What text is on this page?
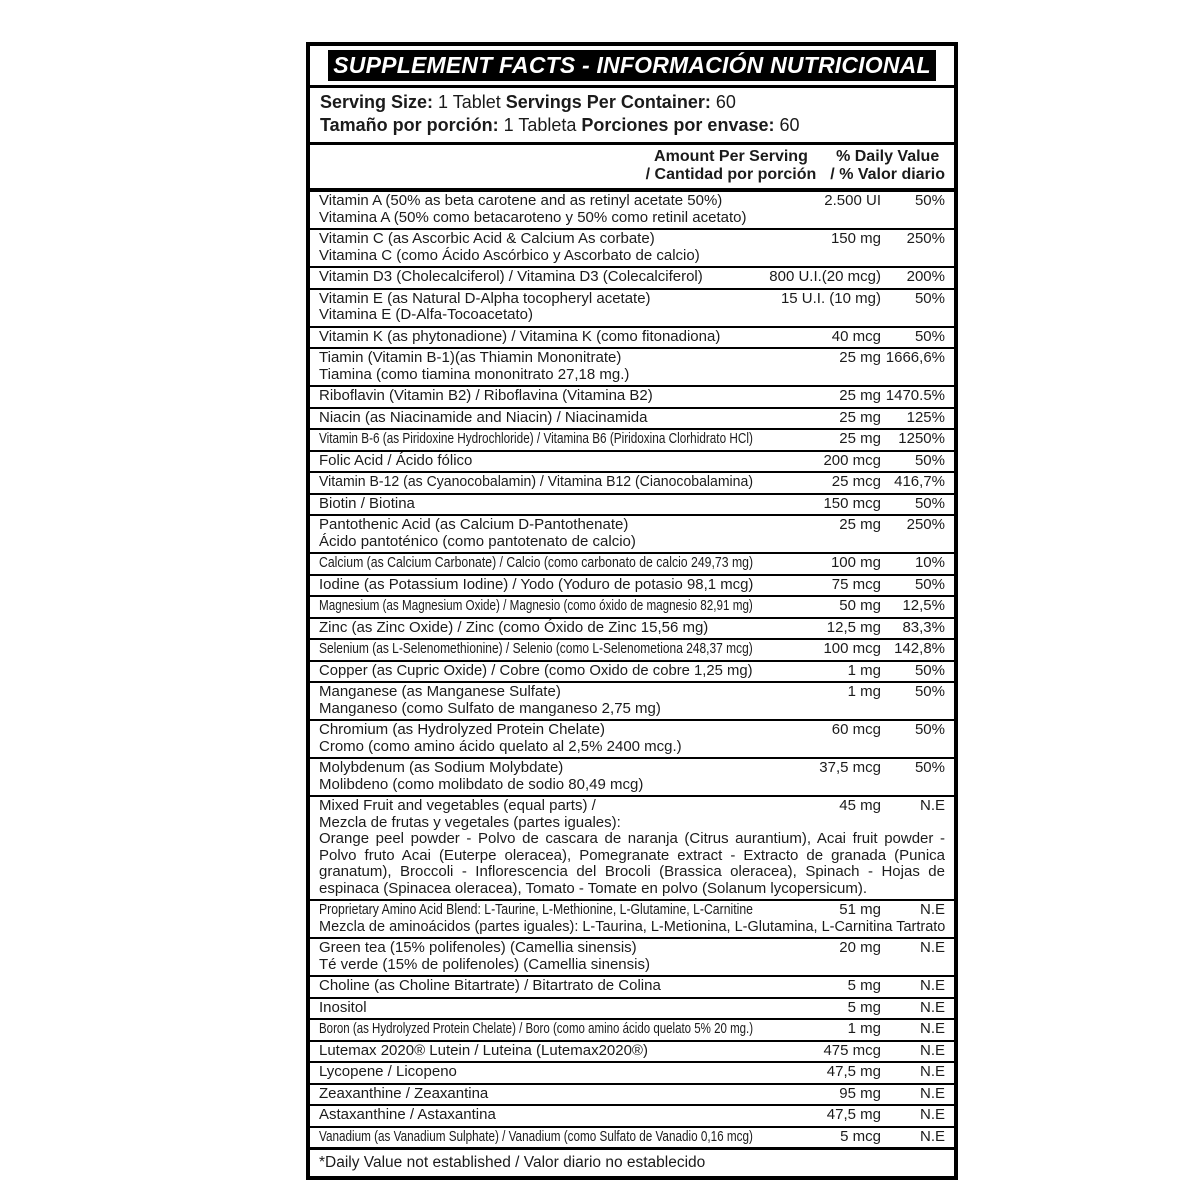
SUPPLEMENT FACTS - INFORMACIÓN NUTRICIONAL
Serving Size: 1 Tablet Servings Per Container: 60
Tamaño por porción: 1 Tableta Porciones por envase: 60
Amount Per Serving
/ Cantidad por porción
% Daily Value
/ % Valor diario
Vitamin A (50% as beta carotene and as retinyl acetate 50%)
Vitamina A (50% como betacaroteno y 50% como retinil acetato)
2.500 UI 50%
Vitamin C (as Ascorbic Acid & Calcium As corbate)
Vitamina C (como Ácido Ascórbico y Ascorbato de calcio)
150 mg 250%
Vitamin D3 (Cholecalciferol) / Vitamina D3 (Colecalciferol)	800 U.I.(20 mcg) 200%
Vitamin E (as Natural D-Alpha tocopheryl acetate)
Vitamina E (D-Alfa-Tocoacetato)
15 U.I. (10 mg) 50%
Vitamin K (as phytonadione) / Vitamina K (como fitonadiona)	40 mcg 50%
Tiamin (Vitamin B-1)(as Thiamin Mononitrate)
Tiamina (como tiamina mononitrato 27,18 mg.)
25 mg 1666,6%
Riboflavin (Vitamin B2) / Riboflavina (Vitamina B2)	25 mg 1470.5%
Niacin (as Niacinamide and Niacin) / Niacinamida	25 mg 125%
Vitamin B-6 (as Piridoxine Hydrochloride) / Vitamina B6 (Piridoxina Clorhidrato HCl)	25 mg 1250%
Folic Acid / Ácido fólico	200 mcg 50%
Vitamin B-12 (as Cyanocobalamin) / Vitamina B12 (Cianocobalamina)	25 mcg 416,7%
Biotin / Biotina	150 mcg 50%
Pantothenic Acid (as Calcium D-Pantothenate)
Ácido pantoténico (como pantotenato de calcio)
25 mg 250%
Calcium (as Calcium Carbonate) / Calcio (como carbonato de calcio 249,73 mg)	100 mg 10%
Iodine (as Potassium Iodine) / Yodo (Yoduro de potasio 98,1 mcg)	75 mcg 50%
Magnesium (as Magnesium Oxide) / Magnesio (como óxido de magnesio 82,91 mg)	50 mg 12,5%
Zinc (as Zinc Oxide) / Zinc (como Óxido de Zinc 15,56 mg)	12,5 mg 83,3%
Selenium (as L-Selenomethionine) / Selenio (como L-Selenometiona 248,37 mcg)	100 mcg 142,8%
Copper (as Cupric Oxide) / Cobre (como Oxido de cobre 1,25 mg)	1 mg 50%
Manganese (as Manganese Sulfate)
Manganeso (como Sulfato de manganeso 2,75 mg)
1 mg 50%
Chromium (as Hydrolyzed Protein Chelate)
Cromo (como amino ácido quelato al 2,5% 2400 mcg.)
60 mcg 50%
Molybdenum (as Sodium Molybdate)
Molibdeno (como molibdato de sodio 80,49 mcg)
37,5 mcg 50%
Mixed Fruit and vegetables (equal parts) /
Mezcla de frutas y vegetales (partes iguales):
45 mg	N.E
Orange peel powder - Polvo de cascara de naranja (Citrus aurantium), Acai fruit powder - Polvo fruto Acai (Euterpe oleracea), Pomegranate extract - Extracto de granada (Punica granatum), Broccoli - Inflorescencia del Brocoli (Brassica oleracea), Spinach - Hojas de espinaca (Spinacea oleracea), Tomato - Tomate en polvo (Solanum lycopersicum).
Proprietary Amino Acid Blend: L-Taurine, L-Methionine, L-Glutamine, L-Carnitine	51 mg	N.E
Mezcla de aminoácidos (partes iguales): L-Taurina, L-Metionina, L-Glutamina, L-Carnitina Tartrato
Green tea (15% polifenoles) (Camellia sinensis)
Té verde (15% de polifenoles) (Camellia sinensis)
20 mg	N.E
Choline (as Choline Bitartrate) / Bitartrato de Colina	5 mg	N.E
Inositol	5 mg	N.E
Boron (as Hydrolyzed Protein Chelate) / Boro (como amino ácido quelato 5% 20 mg.)	1 mg	N.E
Lutemax 2020® Lutein / Luteina (Lutemax2020®)	475 mcg	N.E
Lycopene / Licopeno	47,5 mg	N.E
Zeaxanthine / Zeaxantina	95 mg	N.E
Astaxanthine / Astaxantina	47,5 mg	N.E
Vanadium (as Vanadium Sulphate) / Vanadium (como Sulfato de Vanadio 0,16 mcg)	5 mcg	N.E
*Daily Value not established / Valor diario no establecido
